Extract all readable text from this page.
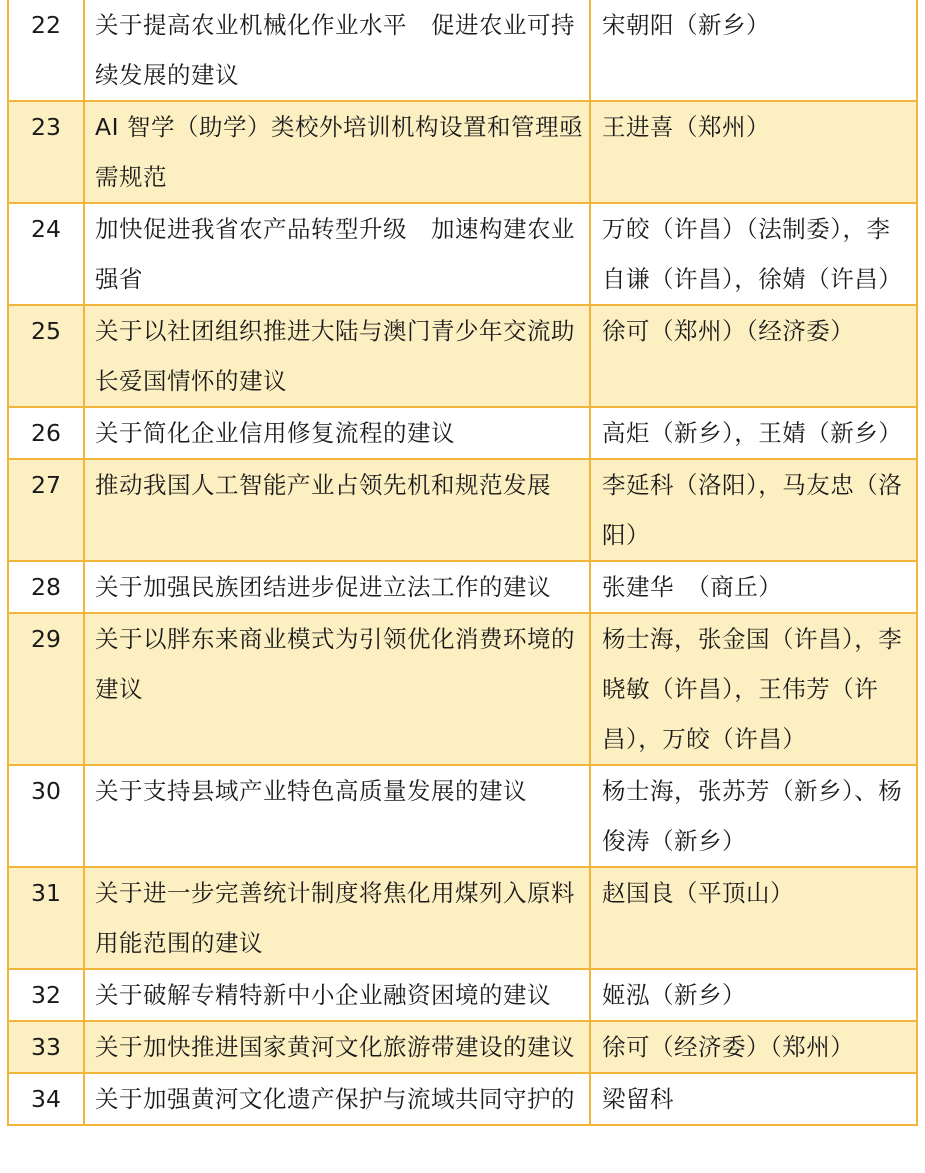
22	关于提高农业机械化作业水平　促进农业可持续发展的建议	宋朝阳（新乡）

23	AI 智学（助学）类校外培训机构设置和管理亟需规范	王进喜（郑州）

24	加快促进我省农产品转型升级　加速构建农业强省	万皎（许昌）（法制委），李自谦（许昌），徐婧（许昌）

25	关于以社团组织推进大陆与澳门青少年交流助长爱国情怀的建议	徐可（郑州）（经济委）

26	关于简化企业信用修复流程的建议	高炬（新乡），王婧（新乡）

27	推动我国人工智能产业占领先机和规范发展	李延科（洛阳），马友忠（洛阳）

28	关于加强民族团结进步促进立法工作的建议	张建华　（商丘）

29	关于以胖东来商业模式为引领优化消费环境的建议	杨士海，张金国（许昌），李晓敏（许昌），王伟芳（许昌），万皎（许昌）

30	关于支持县域产业特色高质量发展的建议	杨士海，张苏芳（新乡）、杨俊涛（新乡）

31	关于进一步完善统计制度将焦化用煤列入原料用能范围的建议	赵国良（平顶山）

32	关于破解专精特新中小企业融资困境的建议	姬泓（新乡）

33	关于加快推进国家黄河文化旅游带建设的建议	徐可（经济委）（郑州）

34	关于加强黄河文化遗产保护与流域共同守护的	梁留科
